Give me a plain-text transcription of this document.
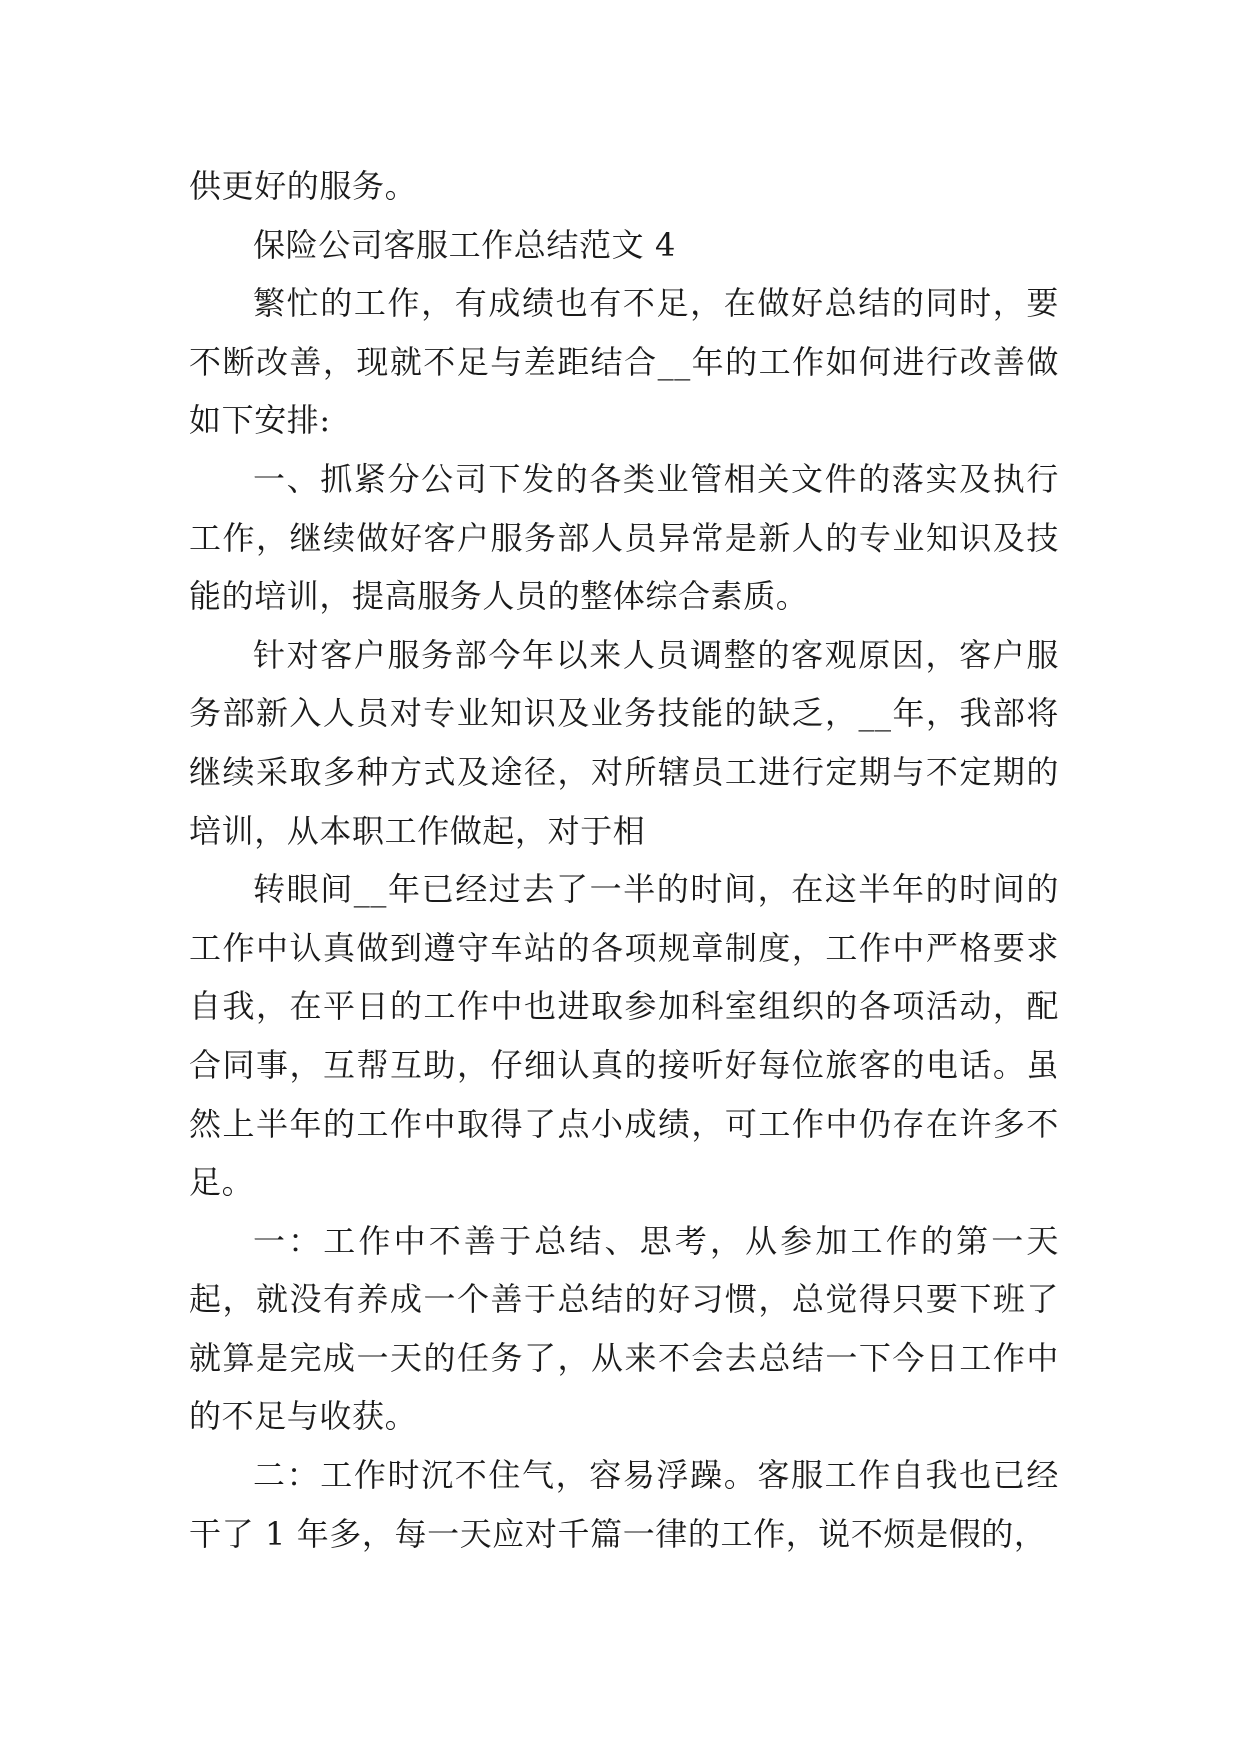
供更好的服务。

保险公司客服工作总结范文 4

繁忙的工作，有成绩也有不足，在做好总结的同时，要不断改善，现就不足与差距结合__年的工作如何进行改善做如下安排:

一、抓紧分公司下发的各类业管相关文件的落实及执行工作，继续做好客户服务部人员异常是新人的专业知识及技能的培训，提高服务人员的整体综合素质。

针对客户服务部今年以来人员调整的客观原因，客户服务部新入人员对专业知识及业务技能的缺乏，__年，我部将继续采取多种方式及途径，对所辖员工进行定期与不定期的培训，从本职工作做起，对于相

转眼间__年已经过去了一半的时间，在这半年的时间的工作中认真做到遵守车站的各项规章制度，工作中严格要求自我，在平日的工作中也进取参加科室组织的各项活动，配合同事，互帮互助，仔细认真的接听好每位旅客的电话。虽然上半年的工作中取得了点小成绩，可工作中仍存在许多不足。

一：工作中不善于总结、思考，从参加工作的第一天起，就没有养成一个善于总结的好习惯，总觉得只要下班了就算是完成一天的任务了，从来不会去总结一下今日工作中的不足与收获。

二：工作时沉不住气，容易浮躁。客服工作自我也已经干了 1 年多，每一天应对千篇一律的工作，说不烦是假的，
